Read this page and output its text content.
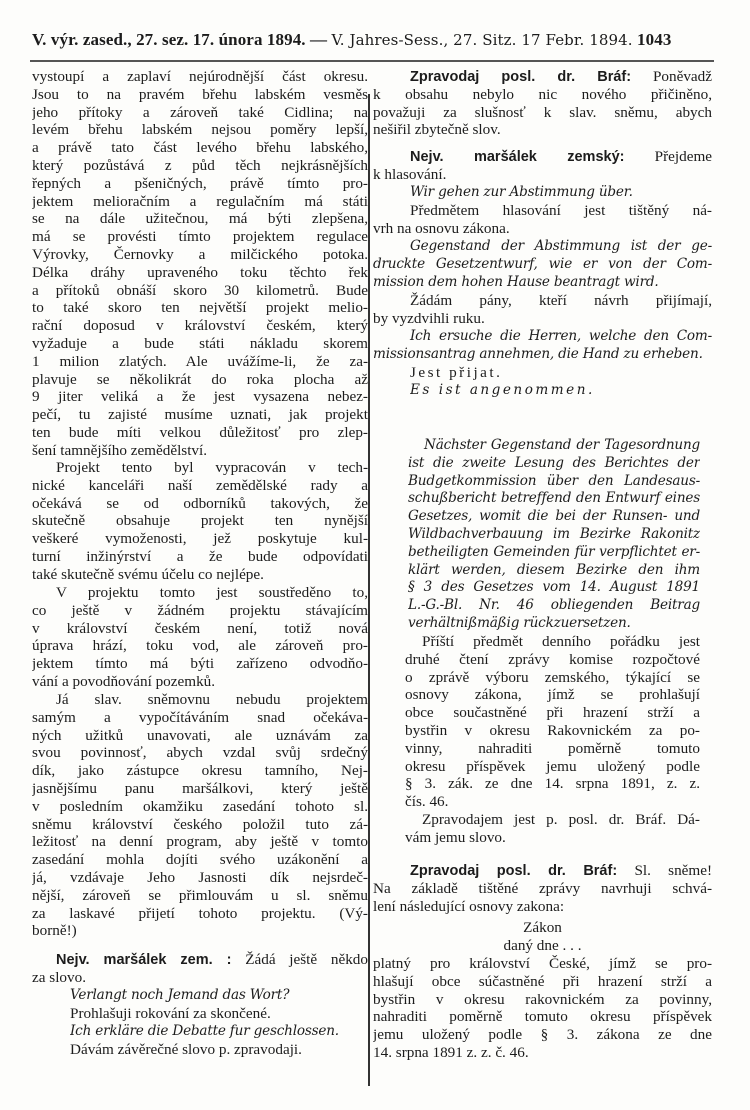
V. výr. zased., 27. sez. 17. února 1894. — V. Jahres-Sess., 27. Sitz. 17 Febr. 1894. 1043
vystoupí a zaplaví nejúrodnější část okresu.
Jsou to na pravém břehu labském vesměs
jeho přítoky a zároveň také Cidlina; na
levém břehu labském nejsou poměry lepší,
a právě tato část levého břehu labského,
který pozůstává z půd těch nejkrásnějších
řepných a pšeničných, právě tímto pro-
jektem melioračním a regulačním má státi
se na dále užitečnou, má býti zlepšena,
má se provésti tímto projektem regulace
Výrovky, Černovky a milčického potoka.
Délka dráhy upraveného toku těchto řek
a přítoků obnáší skoro 30 kilometrů. Bude
to také skoro ten největší projekt melio-
rační doposud v království českém, který
vyžaduje a bude státi nákladu skorem
1 milion zlatých. Ale uvážíme-li, že za-
plavuje se několikrát do roka plocha až
9 jiter veliká a že jest vysazena nebez-
pečí, tu zajisté musíme uznati, jak projekt
ten bude míti velkou důležitosť pro zlep-
šení tamnějšího zemědělství.
Projekt tento byl vypracován v tech-
nické kanceláři naší zemědělské rady a
očekává se od odborníků takových, že
skutečně obsahuje projekt ten nynější
veškeré vymoženosti, jež poskytuje kul-
turní inžinýrství a že bude odpovídati
také skutečně svému účelu co nejlépe.
V projektu tomto jest soustředěno to,
co ještě v žádném projektu stávajícím
v království českém není, totiž nová
úprava hrází, toku vod, ale zároveň pro-
jektem tímto má býti zařízeno odvodňo-
vání a povodňování pozemků.
Já slav. sněmovnu nebudu projektem
samým a vypočítáváním snad očekáva-
ných užitků unavovati, ale uznávám za
svou povinnosť, abych vzdal svůj srdečný
dík, jako zástupce okresu tamního, Nej-
jasnějšímu panu maršálkovi, který ještě
v posledním okamžiku zasedání tohoto sl.
sněmu království českého položil tuto zá-
ležitosť na denní program, aby ještě v tomto
zasedání mohla dojíti svého uzákonění a
já, vzdávaje Jeho Jasnosti dík nejsrdeč-
nější, zároveň se přimlouvám u sl. sněmu
za laskavé přijetí tohoto projektu. (Vý-
borně!)
Nejv. maršálek zem. : Žádá ještě někdo
za slovo.
Verlangt noch Jemand das Wort?
Prohlašuji rokování za skončené.
Ich erkläre die Debatte fur geschlossen.
Dávám závěrečné slovo p. zpravodaji.
Zpravodaj posl. dr. Bráf: Poněvadž
k obsahu nebylo nic nového přičiněno,
považuji za slušnosť k slav. sněmu, abych
nešiřil zbytečně slov.
Nejv. maršálek zemský: Přejdeme
k hlasování.
Wir gehen zur Abstimmung über.
Předmětem hlasování jest tištěný ná-
vrh na osnovu zákona.
Gegenstand der Abstimmung ist der ge-
druckte Gesetzentwurf, wie er von der Com-
mission dem hohen Hause beantragt wird.
Žádám pány, kteří návrh přijímají,
by vyzdvihli ruku.
Ich ersuche die Herren, welche den Com-
missionsantrag annehmen, die Hand zu erheben.
Jest přijat.
Es ist angenommen.
Nächster Gegenstand der Tagesordnung
ist die zweite Lesung des Berichtes der
Budgetkommission über den Landesaus-
schußbericht betreffend den Entwurf eines
Gesetzes, womit die bei der Runsen- und
Wildbachverbauung im Bezirke Rakonitz
betheiligten Gemeinden für verpflichtet er-
klärt werden, diesem Bezirke den ihm
§ 3 des Gesetzes vom 14. August 1891
L.-G.-Bl. Nr. 46 obliegenden Beitrag
verhältnißmäßig rückzuersetzen.
Příští předmět denního pořádku jest
druhé čtení zprávy komise rozpočtové
o zprávě výboru zemského, týkající se
osnovy zákona, jímž se prohlašují
obce součastněné při hrazení strží a
bystřin v okresu Rakovnickém za po-
vinny, nahraditi poměrně tomuto
okresu příspěvek jemu uložený podle
§ 3. zák. ze dne 14. srpna 1891, z. z.
čís. 46.
Zpravodajem jest p. posl. dr. Bráf. Dá-
vám jemu slovo.
Zpravodaj posl. dr. Bráf: Sl. sněme!
Na základě tištěné zprávy navrhuji schvá-
lení následující osnovy zakona:
Zákon
daný dne . . .
platný pro království České, jímž se pro-
hlašují obce súčastněné při hrazení strží a
bystřin v okresu rakovnickém za povinny,
nahraditi poměrně tomuto okresu příspěvek
jemu uložený podle § 3. zákona ze dne
14. srpna 1891 z. z. č. 46.
